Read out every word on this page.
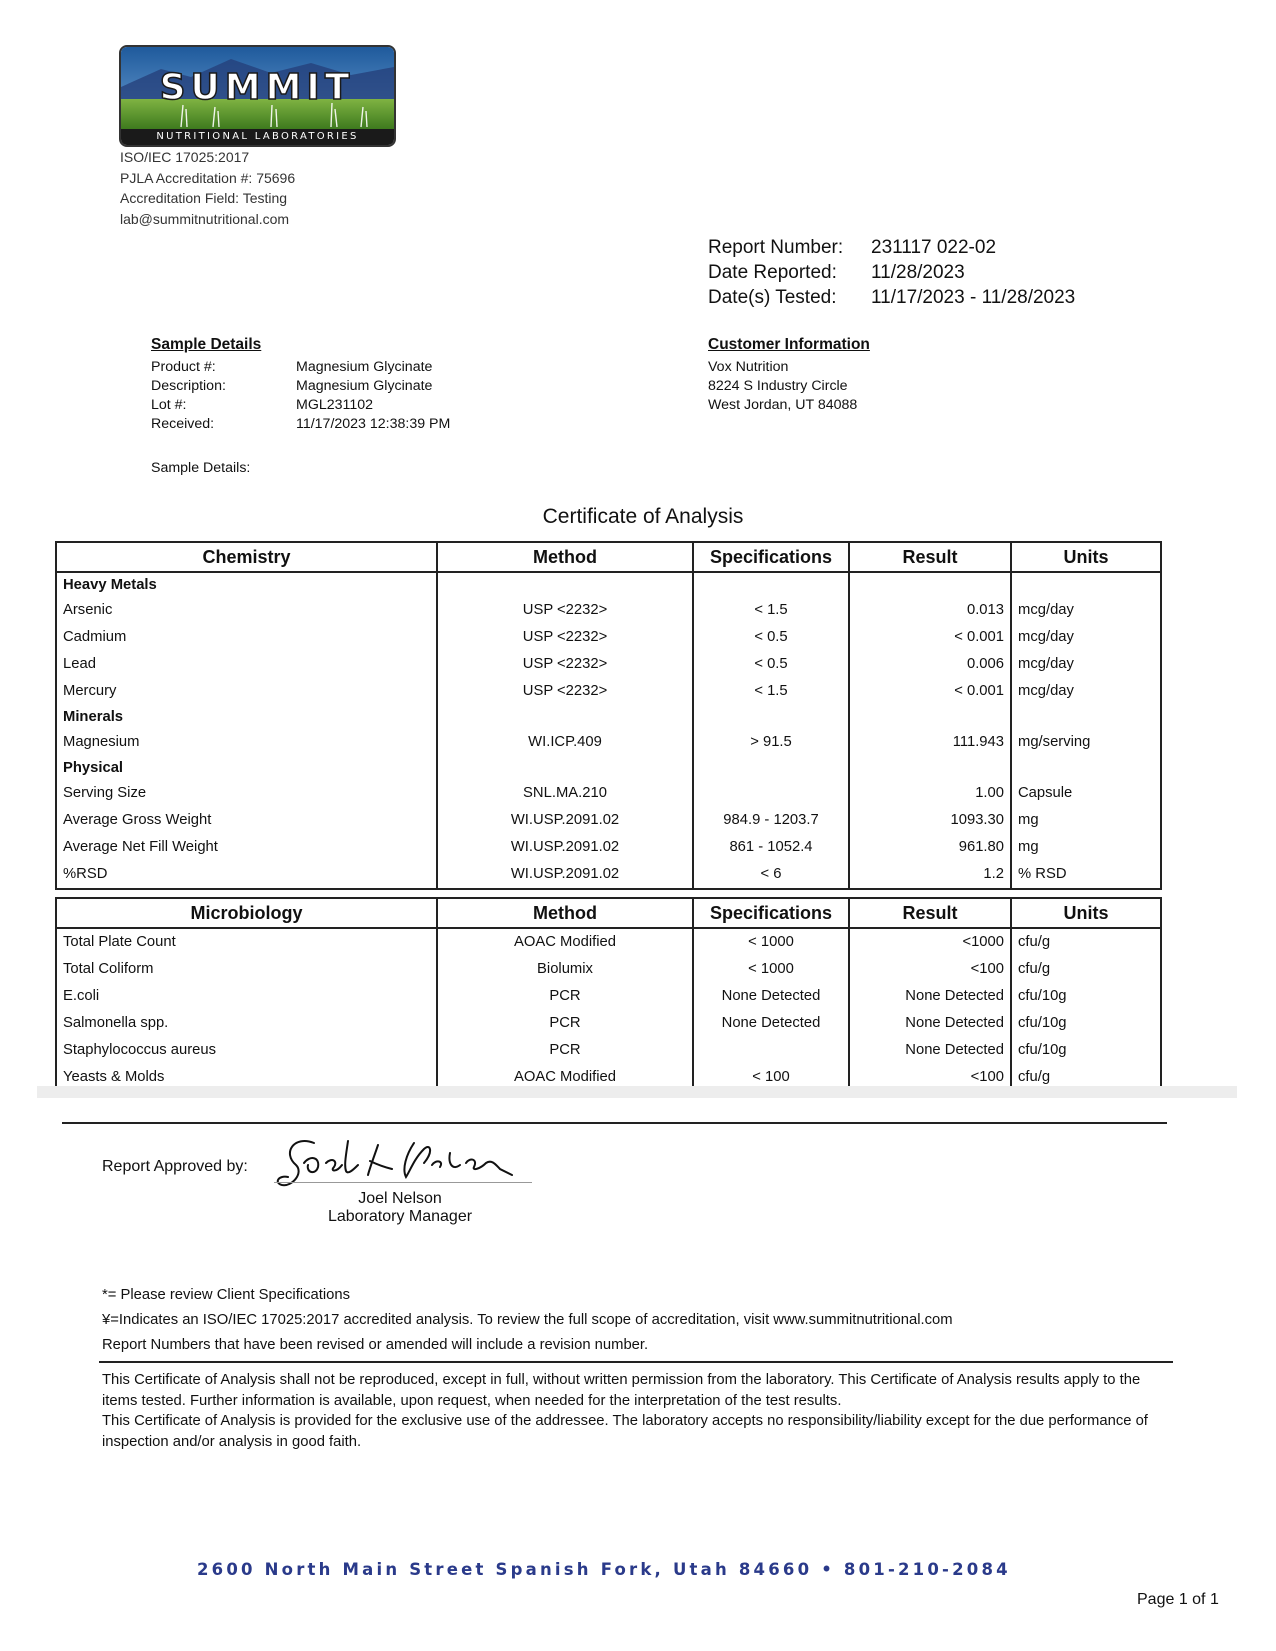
SUMMIT
NUTRITIONAL LABORATORIES
ISO/IEC 17025:2017
PJLA Accreditation #: 75696
Accreditation Field: Testing
lab@summitnutritional.com
Report Number:	231117 022-02
Date Reported:	11/28/2023
Date(s) Tested:	11/17/2023 - 11/28/2023
Sample Details
Product #:	Magnesium Glycinate
Description:	Magnesium Glycinate
Lot #:	MGL231102
Received:	11/17/2023 12:38:39 PM
Sample Details:
Customer Information
Vox Nutrition
8224 S Industry Circle
West Jordan, UT 84088
Certificate of Analysis
Chemistry	Method	Specifications	Result	Units
Heavy Metals				
Arsenic	USP <2232>	< 1.5	0.013	mcg/day
Cadmium	USP <2232>	< 0.5	< 0.001	mcg/day
Lead	USP <2232>	< 0.5	0.006	mcg/day
Mercury	USP <2232>	< 1.5	< 0.001	mcg/day
Minerals				
Magnesium	WI.ICP.409	> 91.5	111.943	mg/serving
Physical				
Serving Size	SNL.MA.210		1.00	Capsule
Average Gross Weight	WI.USP.2091.02	984.9 - 1203.7	1093.30	mg
Average Net Fill Weight	WI.USP.2091.02	861 - 1052.4	961.80	mg
%RSD	WI.USP.2091.02	< 6	1.2	% RSD
Microbiology	Method	Specifications	Result	Units
Total Plate Count	AOAC Modified	< 1000	<1000	cfu/g
Total Coliform	Biolumix	< 1000	<100	cfu/g
E.coli	PCR	None Detected	None Detected	cfu/10g
Salmonella spp.	PCR	None Detected	None Detected	cfu/10g
Staphylococcus aureus	PCR		None Detected	cfu/10g
Yeasts & Molds	AOAC Modified	< 100	<100	cfu/g
Report Approved by:
Joel L Nelson
Joel Nelson
Laboratory Manager
*= Please review Client Specifications
¥=Indicates an ISO/IEC 17025:2017 accredited analysis. To review the full scope of accreditation, visit www.summitnutritional.com
Report Numbers that have been revised or amended will include a revision number.
This Certificate of Analysis shall not be reproduced, except in full, without written permission from the laboratory. This Certificate of Analysis results apply to the items tested. Further information is available, upon request, when needed for the interpretation of the test results.
This Certificate of Analysis is provided for the exclusive use of the addressee. The laboratory accepts no responsibility/liability except for the due performance of inspection and/or analysis in good faith.
2600 North Main Street Spanish Fork, Utah 84660 • 801-210-2084
Page 1 of 1
